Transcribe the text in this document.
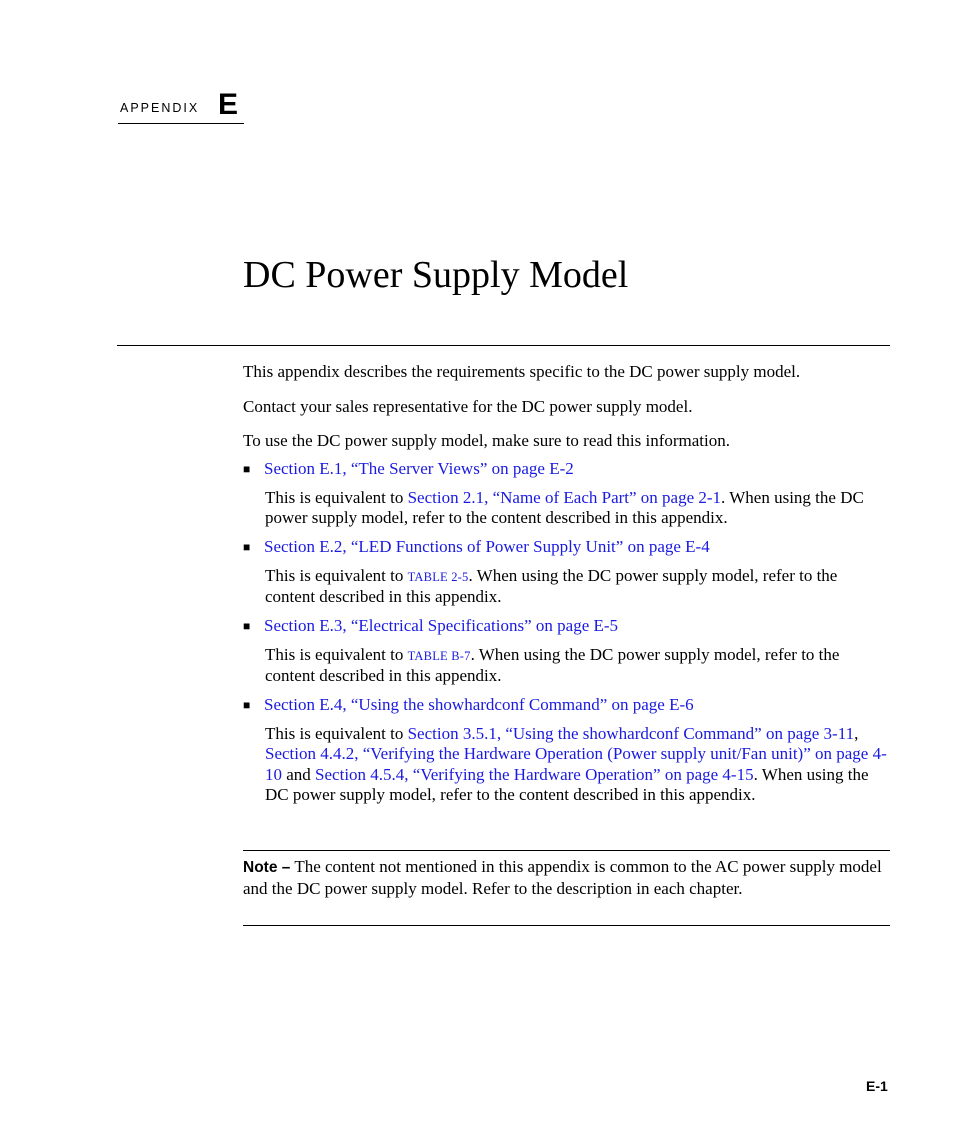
APPENDIX E
DC Power Supply Model

This appendix describes the requirements specific to the DC power supply model.

Contact your sales representative for the DC power supply model.

To use the DC power supply model, make sure to read this information.

■ Section E.1, “The Server Views” on page E-2

This is equivalent to Section 2.1, “Name of Each Part” on page 2-1. When using the DC power supply model, refer to the content described in this appendix.

■ Section E.2, “LED Functions of Power Supply Unit” on page E-4

This is equivalent to TABLE 2-5. When using the DC power supply model, refer to the content described in this appendix.

■ Section E.3, “Electrical Specifications” on page E-5

This is equivalent to TABLE B-7. When using the DC power supply model, refer to the content described in this appendix.

■ Section E.4, “Using the showhardconf Command” on page E-6

This is equivalent to Section 3.5.1, “Using the showhardconf Command” on page 3-11, Section 4.4.2, “Verifying the Hardware Operation (Power supply unit/Fan unit)” on page 4-10 and Section 4.5.4, “Verifying the Hardware Operation” on page 4-15. When using the DC power supply model, refer to the content described in this appendix.

Note – The content not mentioned in this appendix is common to the AC power supply model and the DC power supply model. Refer to the description in each chapter.

E-1
